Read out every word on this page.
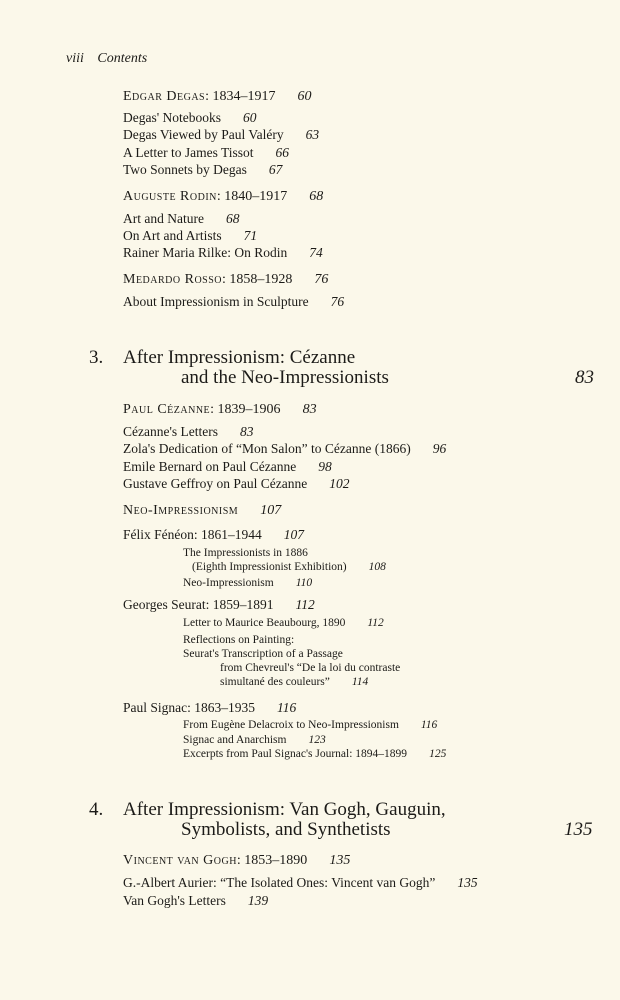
viii Contents
Edgar Degas: 1834–1917 60
Degas' Notebooks 60
Degas Viewed by Paul Valéry 63
A Letter to James Tissot 66
Two Sonnets by Degas 67
Auguste Rodin: 1840–1917 68
Art and Nature 68
On Art and Artists 71
Rainer Maria Rilke: On Rodin 74
Medardo Rosso: 1858–1928 76
About Impressionism in Sculpture 76
3. After Impressionism: Cézanne
and the Neo-Impressionists	83
Paul Cézanne: 1839–1906 83
Cézanne's Letters 83
Zola's Dedication of “Mon Salon” to Cézanne (1866) 96
Emile Bernard on Paul Cézanne 98
Gustave Geffroy on Paul Cézanne 102
Neo-Impressionism 107
Félix Fénéon: 1861–1944 107
The Impressionists in 1886
(Eighth Impressionist Exhibition) 108
Neo-Impressionism 110
Georges Seurat: 1859–1891 112
Letter to Maurice Beaubourg, 1890 112
Reflections on Painting:
Seurat's Transcription of a Passage
from Chevreul's “De la loi du contraste
simultané des couleurs” 114
Paul Signac: 1863–1935 116
From Eugène Delacroix to Neo-Impressionism 116
Signac and Anarchism 123
Excerpts from Paul Signac's Journal: 1894–1899 125
4. After Impressionism: Van Gogh, Gauguin,
Symbolists, and Synthetists	135
Vincent van Gogh: 1853–1890 135
G.-Albert Aurier: “The Isolated Ones: Vincent van Gogh” 135
Van Gogh's Letters 139
